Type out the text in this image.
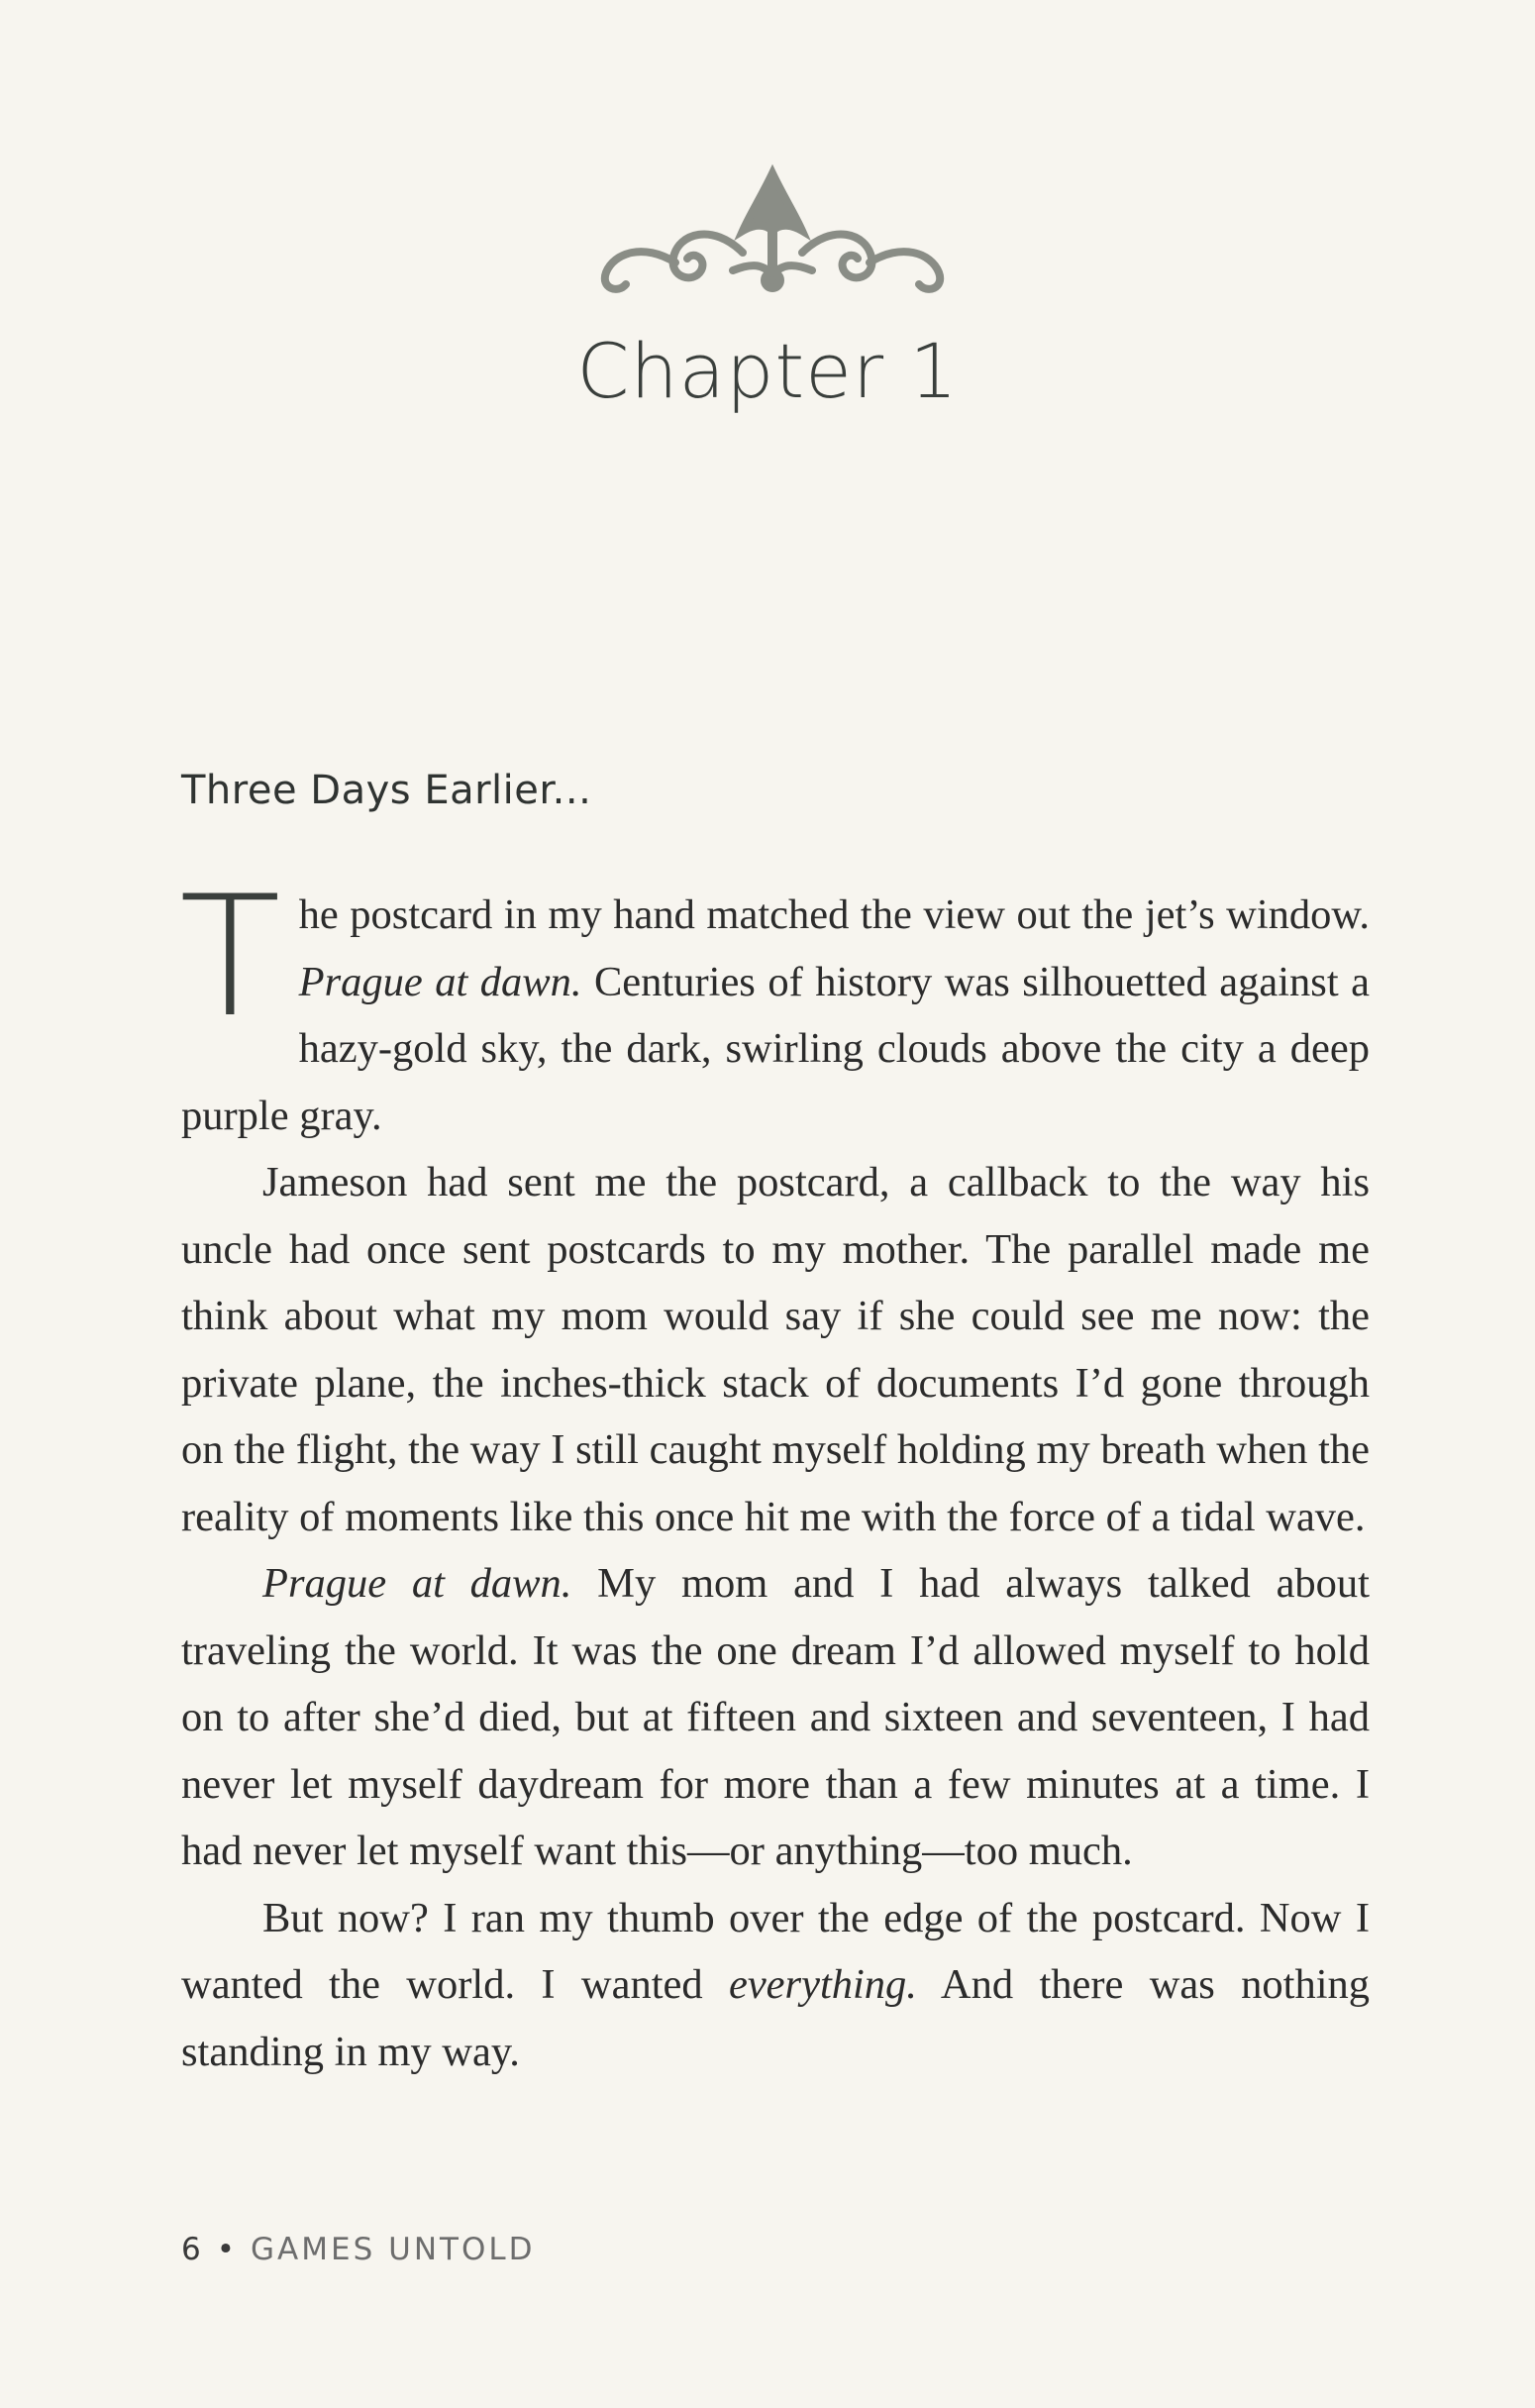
Chapter 1
Three Days Earlier...

The postcard in my hand matched the view out the jet’s window. Prague at dawn. Centuries of history was silhouetted against a hazy-gold sky, the dark, swirling clouds above the city a deep purple gray.

Jameson had sent me the postcard, a callback to the way his uncle had once sent postcards to my mother. The parallel made me think about what my mom would say if she could see me now: the private plane, the inches-thick stack of documents I’d gone through on the flight, the way I still caught myself holding my breath when the reality of moments like this once hit me with the force of a tidal wave.

Prague at dawn. My mom and I had always talked about traveling the world. It was the one dream I’d allowed myself to hold on to after she’d died, but at fifteen and sixteen and seventeen, I had never let myself daydream for more than a few minutes at a time. I had never let myself want this—or anything—too much.

But now? I ran my thumb over the edge of the postcard. Now I wanted the world. I wanted everything. And there was nothing standing in my way.

6 • GAMES UNTOLD
